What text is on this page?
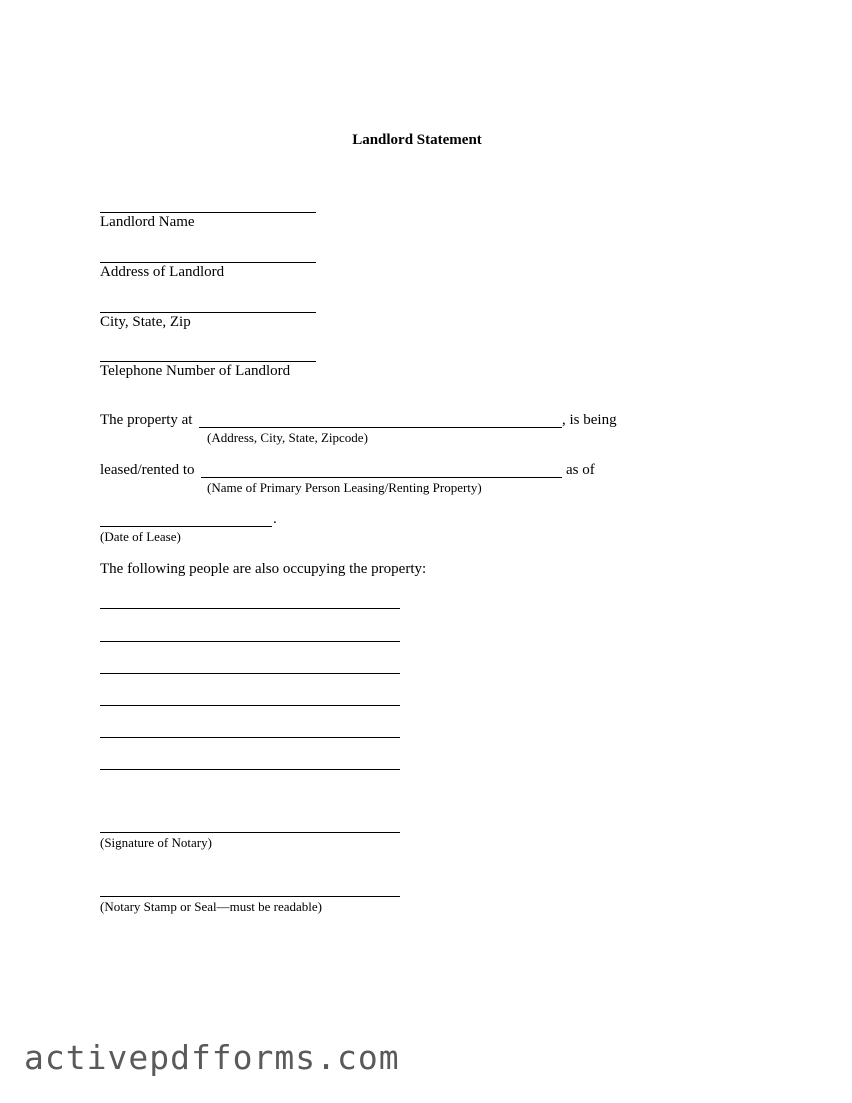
Landlord Statement
Landlord Name
Address of Landlord
City, State, Zip
Telephone Number of Landlord
The property at	, is being
(Address, City, State, Zipcode)
leased/rented to	as of
(Name of Primary Person Leasing/Renting Property)
.
(Date of Lease)
The following people are also occupying the property:
(Signature of Notary)
(Notary Stamp or Seal—must be readable)
activepdfforms.com
